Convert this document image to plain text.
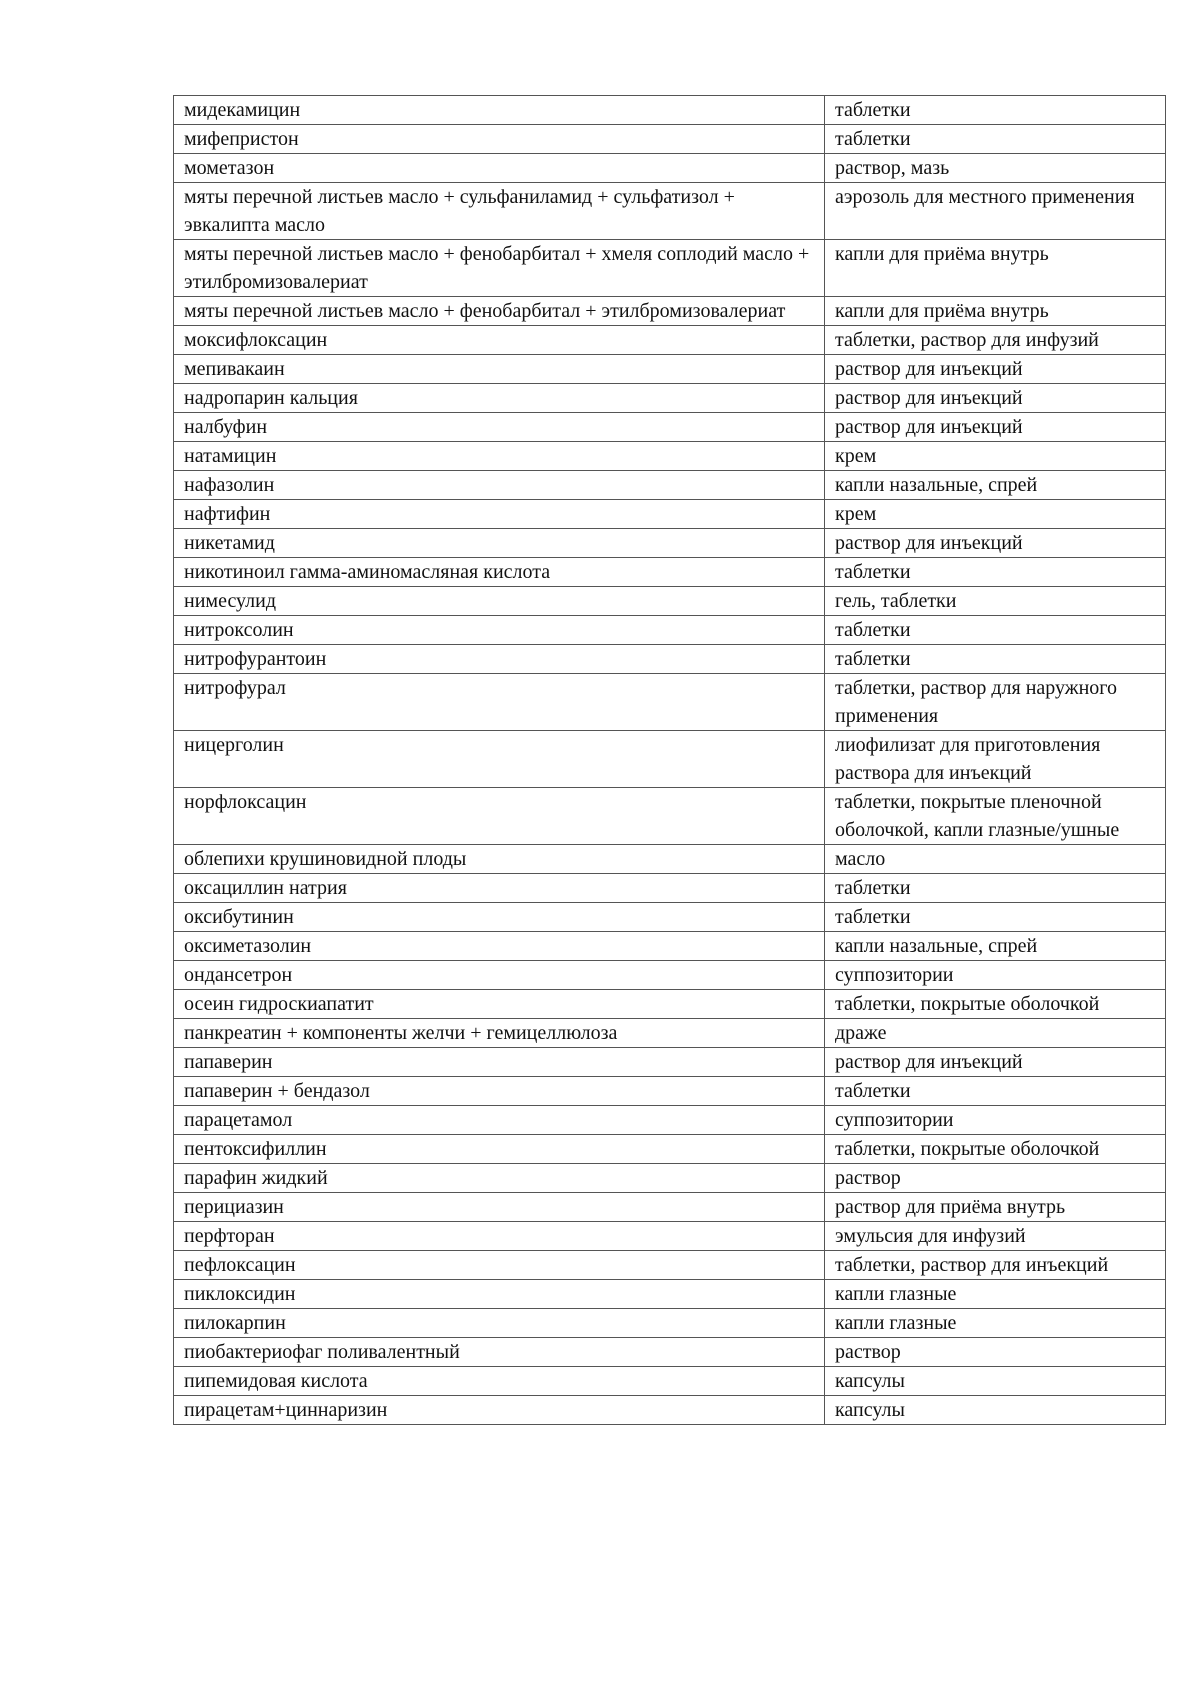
мидекамицин	таблетки
мифепристон	таблетки
мометазон	раствор, мазь
мяты перечной листьев масло + сульфаниламид + сульфатизол + эвкалипта масло	аэрозоль для местного применения
мяты перечной листьев масло + фенобарбитал + хмеля соплодий масло + этилбромизовалериат	капли для приёма внутрь
мяты перечной листьев масло + фенобарбитал + этилбромизовалериат	капли для приёма внутрь
моксифлоксацин	таблетки, раствор для инфузий
мепивакаин	раствор для инъекций
надропарин кальция	раствор для инъекций
налбуфин	раствор для инъекций
натамицин	крем
нафазолин	капли назальные, спрей
нафтифин	крем
никетамид	раствор для инъекций
никотиноил гамма-аминомасляная кислота	таблетки
нимесулид	гель, таблетки
нитроксолин	таблетки
нитрофурантоин	таблетки
нитрофурал	таблетки, раствор для наружного применения
ницерголин	лиофилизат для приготовления раствора для инъекций
норфлоксацин	таблетки, покрытые пленочной оболочкой, капли глазные/ушные
облепихи крушиновидной плоды	масло
оксациллин натрия	таблетки
оксибутинин	таблетки
оксиметазолин	капли назальные, спрей
ондансетрон	суппозитории
осеин гидроскиапатит	таблетки, покрытые оболочкой
панкреатин + компоненты желчи + гемицеллюлоза	драже
папаверин	раствор для инъекций
папаверин + бендазол	таблетки
парацетамол	суппозитории
пентоксифиллин	таблетки, покрытые оболочкой
парафин жидкий	раствор
перициазин	раствор для приёма внутрь
перфторан	эмульсия для инфузий
пефлоксацин	таблетки, раствор для инъекций
пиклоксидин	капли глазные
пилокарпин	капли глазные
пиобактериофаг поливалентный	раствор
пипемидовая кислота	капсулы
пирацетам+циннаризин	капсулы
